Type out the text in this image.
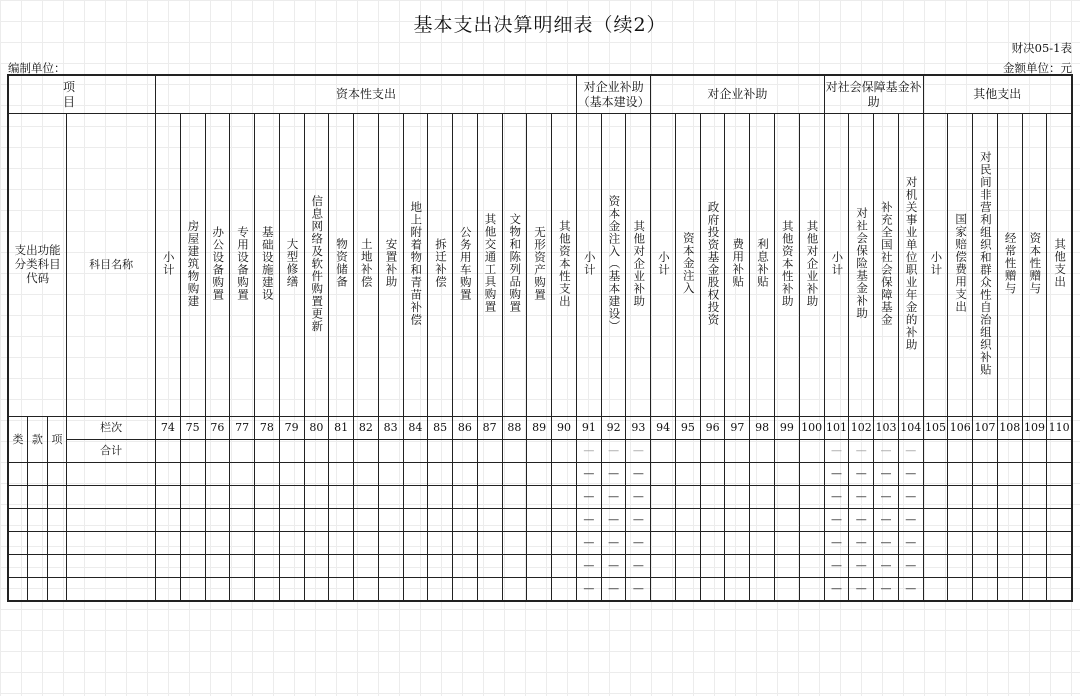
基本支出决算明细表（续2）
财决05-1表
编制单位：	金额单位：元
项　　目				资本性支出																	对企业补助（基本建设）			对企业补助							对社会保障基金补助				其他支出					
支出功能分类科目代码			科目名称	小计	房屋建筑物购建	办公设备购置	专用设备购置	基础设施建设	大型修缮	信息网络及软件购置更新	物资储备	土地补偿	安置补助	地上附着物和青苗补偿	拆迁补偿	公务用车购置	其他交通工具购置	文物和陈列品购置	无形资产购置	其他资本性支出	小计	资本金注入（基本建设）	其他对企业补助	小计	资本金注入	政府投资基金股权投资	费用补贴	利息补贴	其他资本性补助	其他对企业补助	小计	对社会保险基金补助	补充全国社会保障基金	对机关事业单位职业年金的补助	小计	国家赔偿费用支出	对民间非营利组织和群众性自治组织补贴	经常性赠与	资本性赠与	其他支出
类	款	项	栏次	74	75	76	77	78	79	80	81	82	83	84	85	86	87	88	89	90	91	92	93	94	95	96	97	98	99	100	101	102	103	104	105	106	107	108	109	110
			合计																		—	—	—								—	—	—	—						
																					—	—	—								—	—	—	—						
																					—	—	—								—	—	—	—						
																					—	—	—								—	—	—	—						
																					—	—	—								—	—	—	—						
																					—	—	—								—	—	—	—						
																					—	—	—								—	—	—	—						
